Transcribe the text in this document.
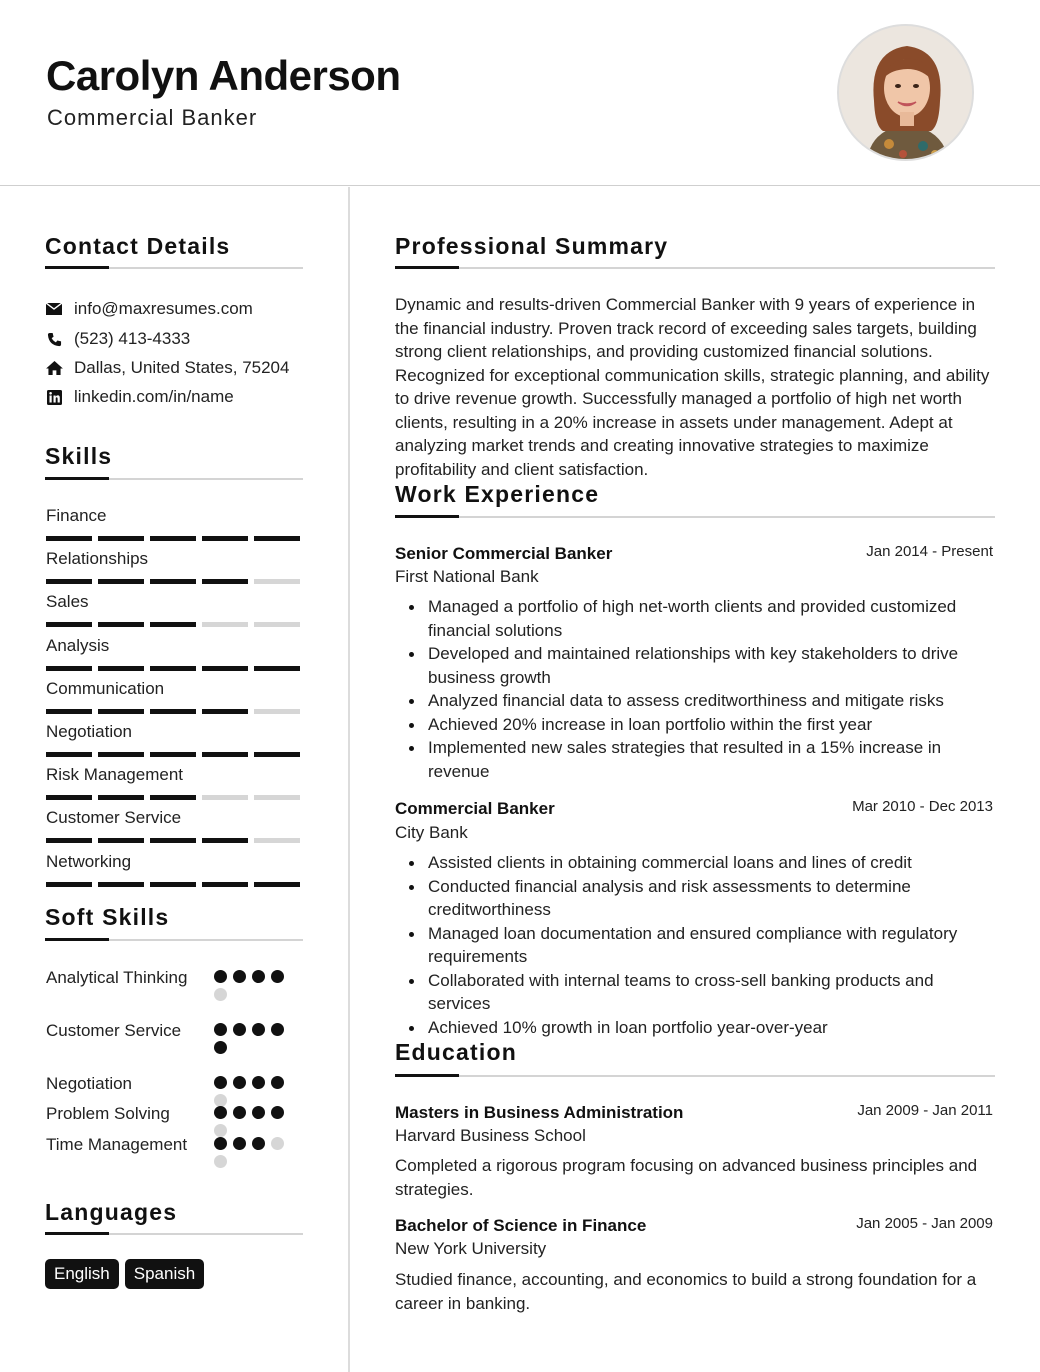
Carolyn Anderson
Commercial Banker
Contact Details
info@maxresumes.com
(523) 413-4333
Dallas, United States, 75204
linkedin.com/in/name
Skills
Finance
Relationships
Sales
Analysis
Communication
Negotiation
Risk Management
Customer Service
Networking
Soft Skills
Analytical Thinking
Customer Service
Negotiation
Problem Solving
Time Management
Languages
English	Spanish
Professional Summary
Dynamic and results-driven Commercial Banker with 9 years of experience in the financial industry. Proven track record of exceeding sales targets, building strong client relationships, and providing customized financial solutions. Recognized for exceptional communication skills, strategic planning, and ability to drive revenue growth. Successfully managed a portfolio of high net worth clients, resulting in a 20% increase in assets under management. Adept at analyzing market trends and creating innovative strategies to maximize profitability and client satisfaction.
Work Experience
Senior Commercial Banker	Jan 2014 - Present
First National Bank
Managed a portfolio of high net-worth clients and provided customized financial solutions
Developed and maintained relationships with key stakeholders to drive business growth
Analyzed financial data to assess creditworthiness and mitigate risks
Achieved 20% increase in loan portfolio within the first year
Implemented new sales strategies that resulted in a 15% increase in revenue
Commercial Banker	Mar 2010 - Dec 2013
City Bank
Assisted clients in obtaining commercial loans and lines of credit
Conducted financial analysis and risk assessments to determine creditworthiness
Managed loan documentation and ensured compliance with regulatory requirements
Collaborated with internal teams to cross-sell banking products and services
Achieved 10% growth in loan portfolio year-over-year
Education
Masters in Business Administration	Jan 2009 - Jan 2011
Harvard Business School
Completed a rigorous program focusing on advanced business principles and strategies.
Bachelor of Science in Finance	Jan 2005 - Jan 2009
New York University
Studied finance, accounting, and economics to build a strong foundation for a career in banking.
